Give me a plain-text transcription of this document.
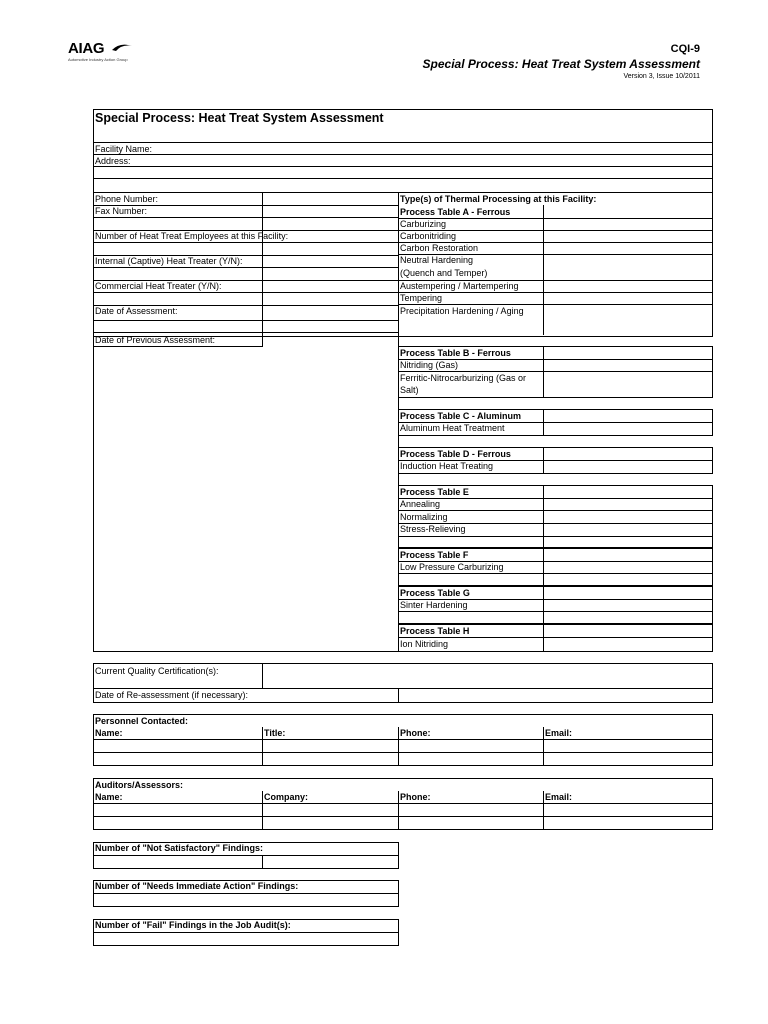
AIAG
Automotive Industry Action Group
CQI-9
Special Process: Heat Treat System Assessment
Version 3, Issue 10/2011
Special Process: Heat Treat System Assessment
Facility Name:
Address:
Phone Number:
Fax Number:
Number of Heat Treat Employees at this Facility:
Internal (Captive) Heat Treater (Y/N):
Commercial Heat Treater (Y/N):
Date of Assessment:
Date of Previous Assessment:
Type(s) of Thermal Processing at this Facility:
Process Table A - Ferrous
Carburizing
Carbonitriding
Carbon Restoration
Neutral Hardening
(Quench and Temper)
Austempering / Martempering
Tempering
Precipitation Hardening / Aging
Process Table B - Ferrous
Nitriding (Gas)
Ferritic-Nitrocarburizing (Gas or
Salt)
Process Table C - Aluminum
Aluminum Heat Treatment
Process Table D - Ferrous
Induction Heat Treating
Process Table E
Annealing
Normalizing
Stress-Relieving
Process Table F
Low Pressure Carburizing
Process Table G
Sinter Hardening
Process Table H
Ion Nitriding
Current Quality Certification(s):
Date of Re-assessment (if necessary):
Personnel Contacted:
Name:	Title:	Phone:	Email:
Auditors/Assessors:
Name:	Company:	Phone:	Email:
Number of "Not Satisfactory" Findings:
Number of "Needs Immediate Action" Findings:
Number of "Fail" Findings in the Job Audit(s):
